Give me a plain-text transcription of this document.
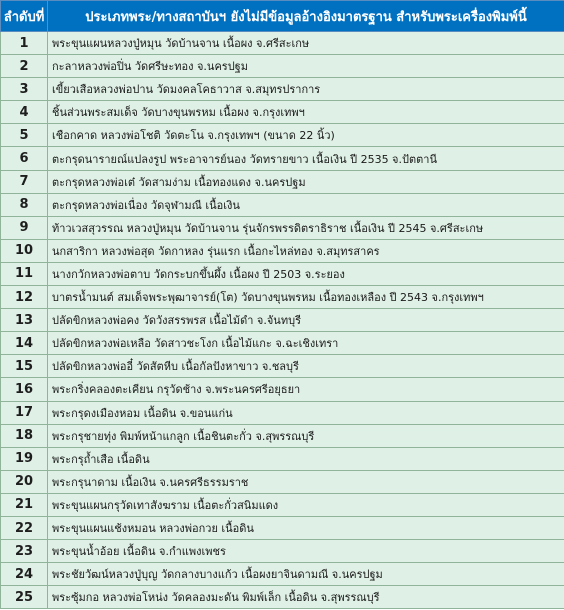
ลำดับที่	ประเภทพระ/ทางสถาบันฯ ยังไม่มีข้อมูลอ้างอิงมาตรฐาน สำหรับพระเครื่องพิมพ์นี้
1	พระขุนแผนหลวงปู่หมุน วัดบ้านจาน เนื้อผง จ.ศรีสะเกษ
2	กะลาหลวงพ่อปิ่น วัดศรีษะทอง จ.นครปฐม
3	เขี้ยวเสือหลวงพ่อปาน วัดมงคลโคธาวาส จ.สมุทรปราการ
4	ชิ้นส่วนพระสมเด็จ วัดบางขุนพรหม เนื้อผง จ.กรุงเทพฯ
5	เชือกคาด หลวงพ่อโชติ วัดตะโน จ.กรุงเทพฯ (ขนาด 22 นิ้ว)
6	ตะกรุดนารายณ์แปลงรูป พระอาจารย์นอง วัดทรายขาว เนื้อเงิน ปี 2535 จ.ปัตตานี
7	ตะกรุดหลวงพ่อเต๋ วัดสามง่าม เนื้อทองแดง จ.นครปฐม
8	ตะกรุดหลวงพ่อเนื่อง วัดจุฬามณี เนื้อเงิน
9	ท้าวเวสสุวรรณ หลวงปู่หมุน วัดบ้านจาน รุ่นจักรพรรดิตราธิราช เนื้อเงิน ปี 2545 จ.ศรีสะเกษ
10	นกสาริกา หลวงพ่อสุด วัดกาหลง รุ่นแรก เนื้อกะไหล่ทอง จ.สมุทรสาคร
11	นางกวักหลวงพ่อตาบ วัดกระบกขึ้นผึ้ง เนื้อผง ปี 2503 จ.ระยอง
12	บาตรน้ำมนต์ สมเด็จพระพุฒาจารย์(โต) วัดบางขุนพรหม เนื้อทองเหลือง ปี 2543 จ.กรุงเทพฯ
13	ปลัดขิกหลวงพ่อคง วัดวังสรรพรส เนื้อไม้ดำ จ.จันทบุรี
14	ปลัดขิกหลวงพ่อเหลือ วัดสาวชะโงก เนื้อไม้แกะ จ.ฉะเชิงเทรา
15	ปลัดขิกหลวงพ่ออี๋ วัดสัตหีบ เนื้อกัลปังหาขาว จ.ชลบุรี
16	พระกริ่งคลองตะเคียน กรุวัดช้าง จ.พระนครศรีอยุธยา
17	พระกรุดงเมืองหอม เนื้อดิน จ.ขอนแก่น
18	พระกรุชายทุ่ง พิมพ์หน้าแกลูก เนื้อชินตะกั่ว จ.สุพรรณบุรี
19	พระกรุถ้ำเสือ เนื้อดิน
20	พระกรุนาดาม เนื้อเงิน จ.นครศรีธรรมราช
21	พระขุนแผนกรุวัดเทาสังฆราม เนื้อตะกั่วสนิมแดง
22	พระขุนแผนแช้งหมอน หลวงพ่อกวย เนื้อดิน
23	พระขุนน้ำอ้อย เนื้อดิน จ.กำแพงเพชร
24	พระชัยวัฒน์หลวงปู่บุญ วัดกลางบางแก้ว เนื้อผงยาจินดามณี จ.นครปฐม
25	พระซุ้มกอ หลวงพ่อโหน่ง วัดคลองมะดัน พิมพ์เล็ก เนื้อดิน จ.สุพรรณบุรี
